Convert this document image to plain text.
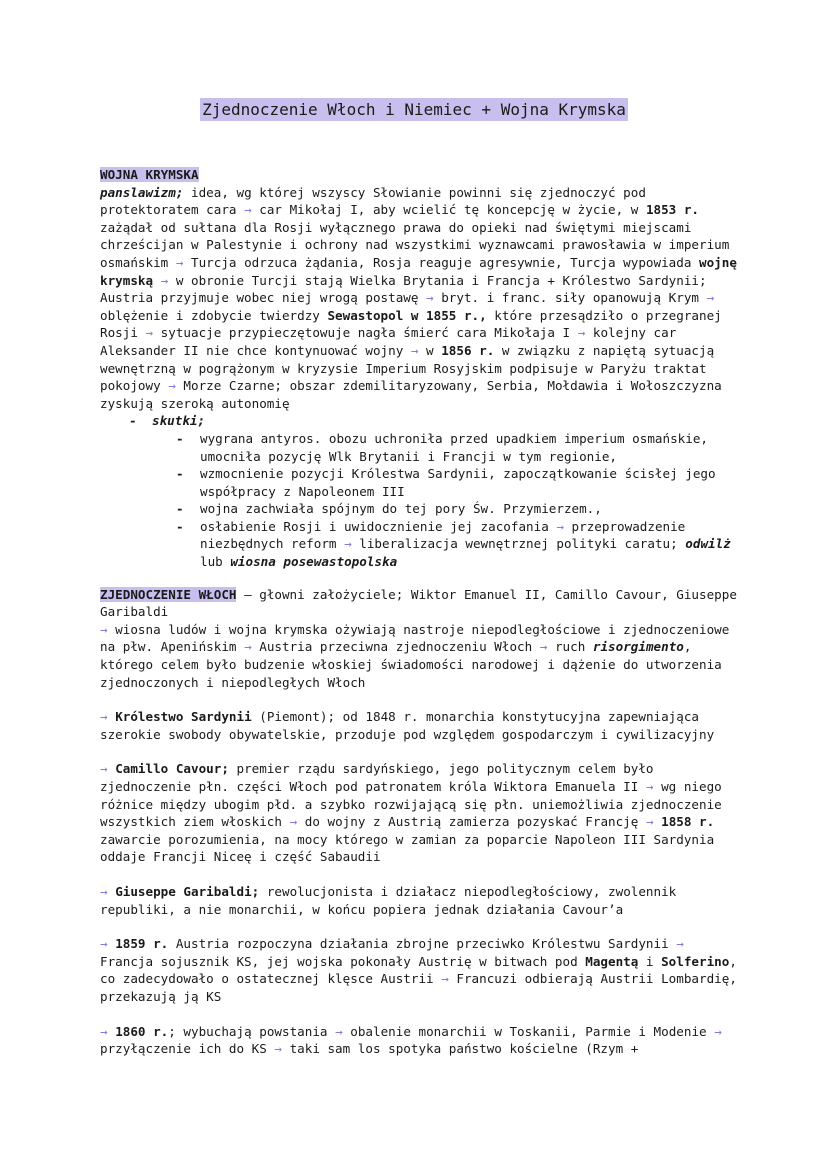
Zjednoczenie Włoch i Niemiec + Wojna Krymska

WOJNA KRYMSKA
panslawizm; idea, wg której wszyscy Słowianie powinni się zjednoczyć pod protektoratem cara → car Mikołaj I, aby wcielić tę koncepcję w życie, w 1853 r. zażądał od sułtana dla Rosji wyłącznego prawa do opieki nad świętymi miejscami chrześcijan w Palestynie i ochrony nad wszystkimi wyznawcami prawosławia w imperium osmańskim → Turcja odrzuca żądania, Rosja reaguje agresywnie, Turcja wypowiada wojnę krymską → w obronie Turcji stają Wielka Brytania i Francja + Królestwo Sardynii; Austria przyjmuje wobec niej wrogą postawę → bryt. i franc. siły opanowują Krym → oblężenie i zdobycie twierdzy Sewastopol w 1855 r., które przesądziło o przegranej Rosji → sytuacje przypieczętowuje nagła śmierć cara Mikołaja I → kolejny car Aleksander II nie chce kontynuować wojny → w 1856 r. w związku z napiętą sytuacją wewnętrzną w pogrążonym w kryzysie Imperium Rosyjskim podpisuje w Paryżu traktat pokojowy → Morze Czarne; obszar zdemilitaryzowany, Serbia, Mołdawia i Wołoszczyzna zyskują szeroką autonomię

- skutki;
- wygrana antyros. obozu uchroniła przed upadkiem imperium osmańskie, umocniła pozycję Wlk Brytanii i Francji w tym regionie,
- wzmocnienie pozycji Królestwa Sardynii, zapoczątkowanie ścisłej jego współpracy z Napoleonem III
- wojna zachwiała spójnym do tej pory Św. Przymierzem.,
- osłabienie Rosji i uwidocznienie jej zacofania → przeprowadzenie niezbędnych reform → liberalizacja wewnętrznej polityki caratu; odwilż lub wiosna posewastopolska

ZJEDNOCZENIE WŁOCH – głowni założyciele; Wiktor Emanuel II, Camillo Cavour, Giuseppe Garibaldi
→ wiosna ludów i wojna krymska ożywiają nastroje niepodległościowe i zjednoczeniowe na płw. Apenińskim → Austria przeciwna zjednoczeniu Włoch → ruch risorgimento, którego celem było budzenie włoskiej świadomości narodowej i dążenie do utworzenia zjednoczonych i niepodległych Włoch

→ Królestwo Sardynii (Piemont); od 1848 r. monarchia konstytucyjna zapewniająca szerokie swobody obywatelskie, przoduje pod względem gospodarczym i cywilizacyjny

→ Camillo Cavour; premier rządu sardyńskiego, jego politycznym celem było zjednoczenie płn. części Włoch pod patronatem króla Wiktora Emanuela II → wg niego różnice między ubogim płd. a szybko rozwijającą się płn. uniemożliwia zjednoczenie wszystkich ziem włoskich → do wojny z Austrią zamierza pozyskać Francję → 1858 r. zawarcie porozumienia, na mocy którego w zamian za poparcie Napoleon III Sardynia oddaje Francji Niceę i część Sabaudii

→ Giuseppe Garibaldi; rewolucjonista i działacz niepodległościowy, zwolennik republiki, a nie monarchii, w końcu popiera jednak działania Cavour’a

→ 1859 r. Austria rozpoczyna działania zbrojne przeciwko Królestwu Sardynii → Francja sojusznik KS, jej wojska pokonały Austrię w bitwach pod Magentą i Solferino, co zadecydowało o ostatecznej klęsce Austrii → Francuzi odbierają Austrii Lombardię, przekazują ją KS

→ 1860 r.; wybuchają powstania → obalenie monarchii w Toskanii, Parmie i Modenie → przyłączenie ich do KS → taki sam los spotyka państwo kościelne (Rzym +
